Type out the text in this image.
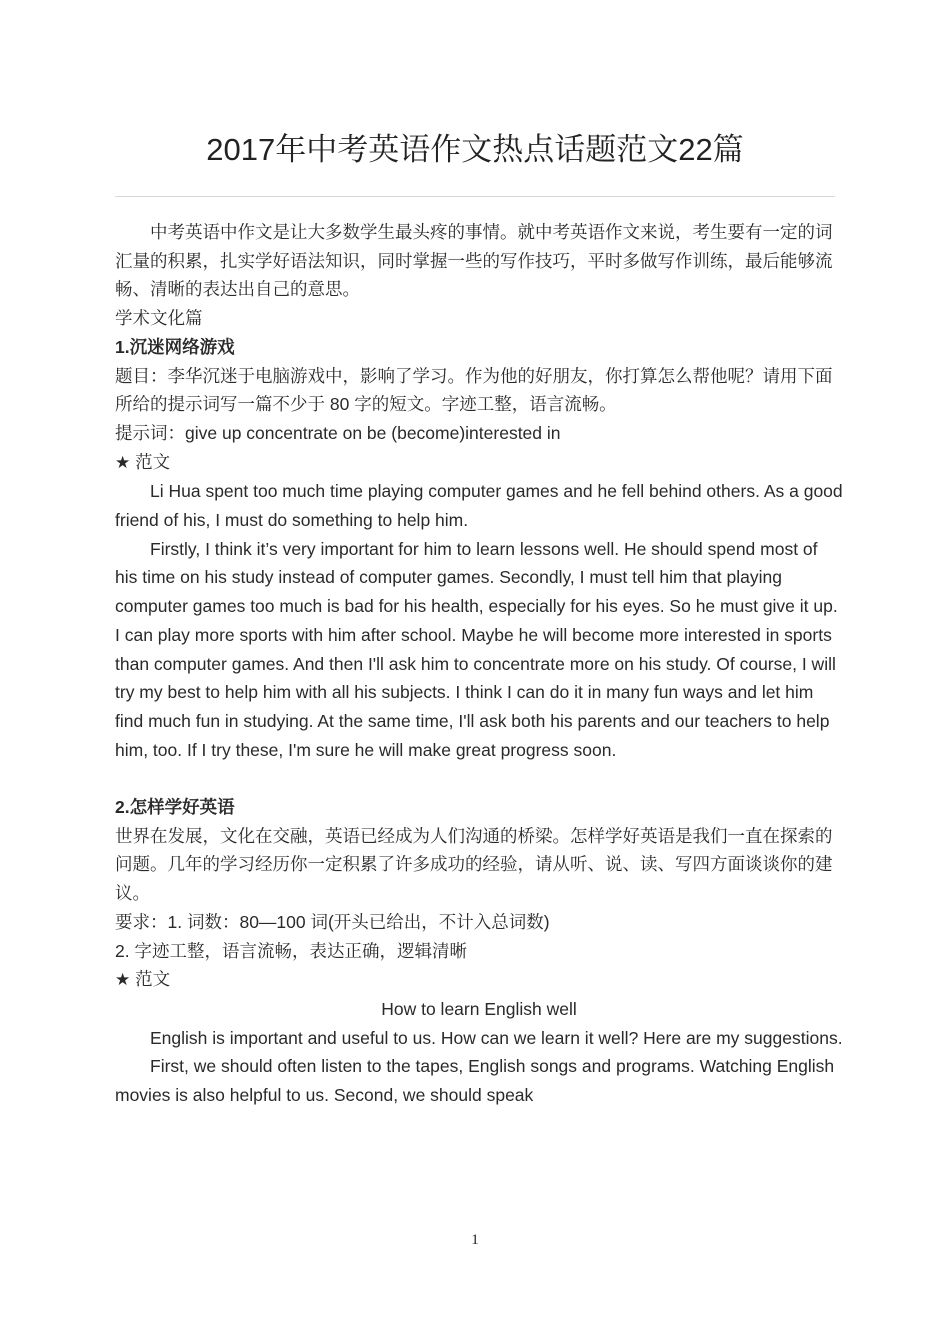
2017年中考英语作文热点话题范文22篇

中考英语中作文是让大多数学生最头疼的事情。就中考英语作文来说，考生要有一定的词汇量的积累，扎实学好语法知识，同时掌握一些的写作技巧，平时多做写作训练，最后能够流畅、清晰的表达出自己的意思。

学术文化篇

1.沉迷网络游戏

题目：李华沉迷于电脑游戏中，影响了学习。作为他的好朋友，你打算怎么帮他呢？请用下面所给的提示词写一篇不少于 80 字的短文。字迹工整，语言流畅。

提示词：give up concentrate on be (become)interested in

★ 范文

Li Hua spent too much time playing computer games and he fell behind others. As a good friend of his, I must do something to help him.

Firstly, I think it’s very important for him to learn lessons well. He should spend most of his time on his study instead of computer games. Secondly, I must tell him that playing computer games too much is bad for his health, especially for his eyes. So he must give it up. I can play more sports with him after school. Maybe he will become more interested in sports than computer games. And then I'll ask him to concentrate more on his study. Of course, I will try my best to help him with all his subjects. I think I can do it in many fun ways and let him find much fun in studying. At the same time, I'll ask both his parents and our teachers to help him, too. If I try these, I'm sure he will make great progress soon.

2.怎样学好英语

世界在发展，文化在交融，英语已经成为人们沟通的桥梁。怎样学好英语是我们一直在探索的问题。几年的学习经历你一定积累了许多成功的经验，请从听、说、读、写四方面谈谈你的建议。

要求：1. 词数：80—100 词(开头已给出，不计入总词数)

2. 字迹工整，语言流畅，表达正确，逻辑清晰

★ 范文

How to learn English well

English is important and useful to us. How can we learn it well? Here are my suggestions.

First, we should often listen to the tapes, English songs and programs. Watching English movies is also helpful to us. Second, we should speak

1
